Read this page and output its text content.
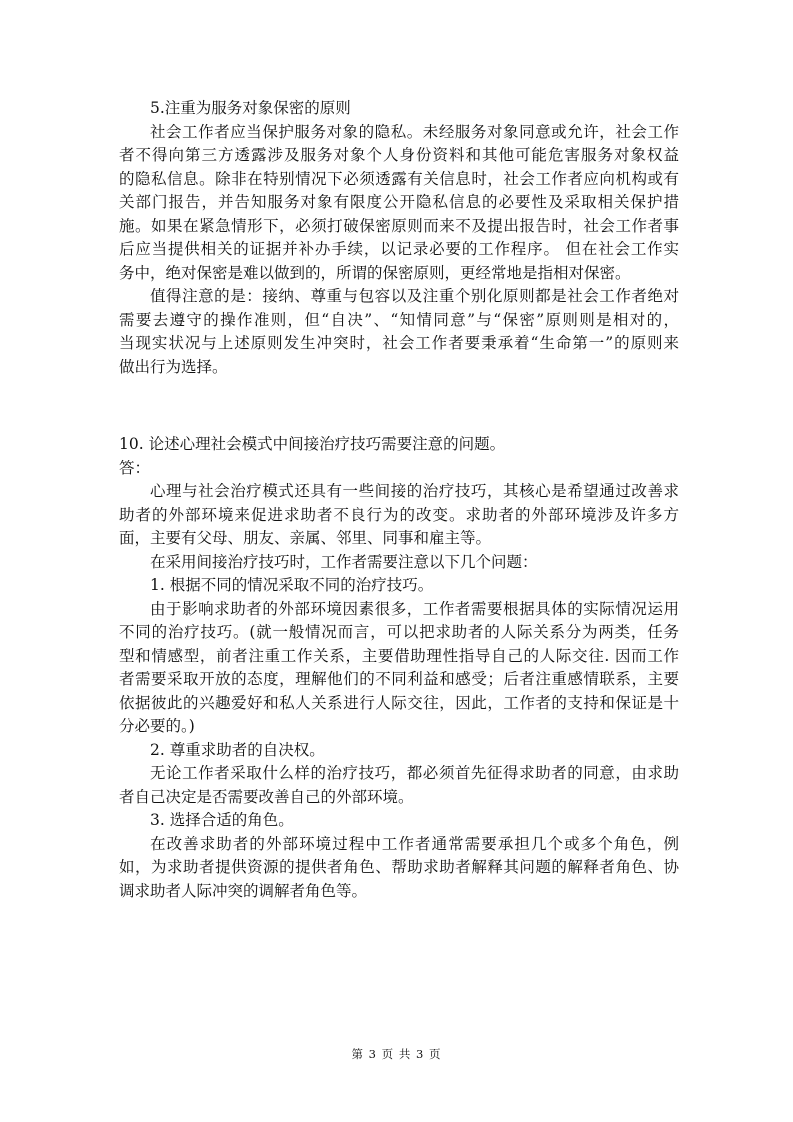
5.注重为服务对象保密的原则
社会工作者应当保护服务对象的隐私。未经服务对象同意或允许，社会工作
者不得向第三方透露涉及服务对象个人身份资料和其他可能危害服务对象权益
的隐私信息。除非在特别情况下必须透露有关信息时，社会工作者应向机构或有
关部门报告，并告知服务对象有限度公开隐私信息的必要性及采取相关保护措
施。如果在紧急情形下，必须打破保密原则而来不及提出报告时，社会工作者事
后应当提供相关的证据并补办手续，以记录必要的工作程序。 但在社会工作实
务中，绝对保密是难以做到的，所谓的保密原则，更经常地是指相对保密。
值得注意的是：接纳、尊重与包容以及注重个别化原则都是社会工作者绝对
需要去遵守的操作准则，但“自决”、“知情同意”与“保密”原则则是相对的，
当现实状况与上述原则发生冲突时，社会工作者要秉承着“生命第一”的原则来
做出行为选择。
10. 论述心理社会模式中间接治疗技巧需要注意的问题。
答：
心理与社会治疗模式还具有一些间接的治疗技巧，其核心是希望通过改善求
助者的外部环境来促进求助者不良行为的改变。求助者的外部环境涉及许多方
面，主要有父母、朋友、亲属、邻里、同事和雇主等。
在采用间接治疗技巧时，工作者需要注意以下几个问题：
1. 根据不同的情况采取不同的治疗技巧。
由于影响求助者的外部环境因素很多，工作者需要根据具体的实际情况运用
不同的治疗技巧。(就一般情况而言，可以把求助者的人际关系分为两类，任务
型和情感型，前者注重工作关系，主要借助理性指导自己的人际交往. 因而工作
者需要采取开放的态度，理解他们的不同利益和感受；后者注重感情联系，主要
依据彼此的兴趣爱好和私人关系进行人际交往，因此，工作者的支持和保证是十
分必要的。)
2. 尊重求助者的自决权。
无论工作者采取什么样的治疗技巧，都必须首先征得求助者的同意，由求助
者自己决定是否需要改善自己的外部环境。
3. 选择合适的角色。
在改善求助者的外部环境过程中工作者通常需要承担几个或多个角色，例
如，为求助者提供资源的提供者角色、帮助求助者解释其问题的解释者角色、协
调求助者人际冲突的调解者角色等。
第 3 页 共 3 页
